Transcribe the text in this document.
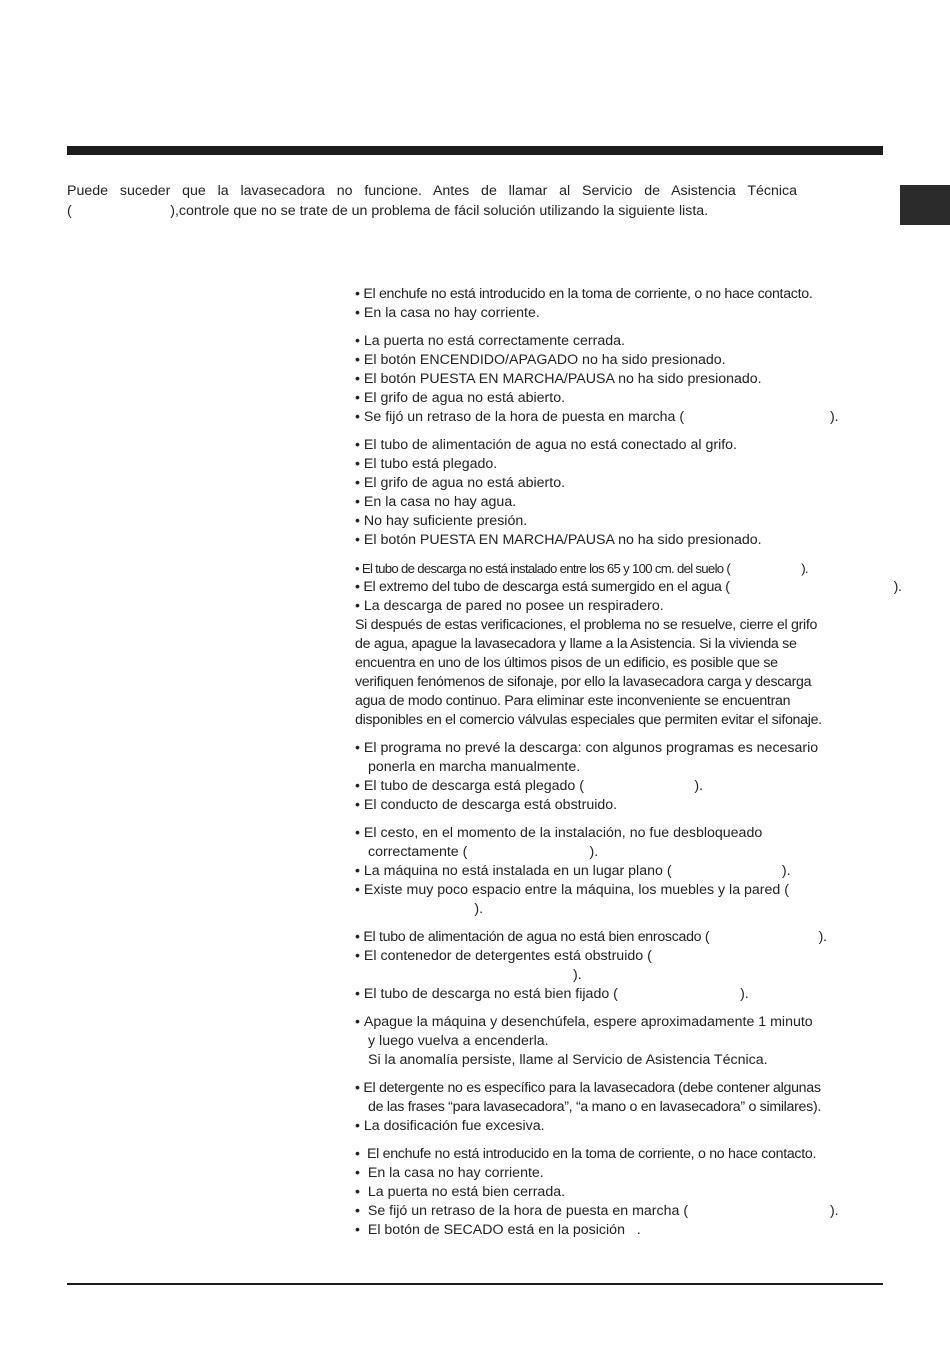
Puede suceder que la lavasecadora no funcione. Antes de llamar al Servicio de Asistencia Técnica

(                         ),controle que no se trate de un problema de fácil solución utilizando la siguiente lista.

• El enchufe no está introducido en la toma de corriente, o no hace contacto.
• En la casa no hay corriente.
• La puerta no está correctamente cerrada.
• El botón ENCENDIDO/APAGADO no ha sido presionado.
• El botón PUESTA EN MARCHA/PAUSA no ha sido presionado.
• El grifo de agua no está abierto.
• Se fijó un retraso de la hora de puesta en marcha (                                     ).
• El tubo de alimentación de agua no está conectado al grifo.
• El tubo está plegado.
• El grifo de agua no está abierto.
• En la casa no hay agua.
• No hay suficiente presión.
• El botón PUESTA EN MARCHA/PAUSA no ha sido presionado.
• El tubo de descarga no está instalado entre los 65 y 100 cm. del suelo (                        ).
• El extremo del tubo de descarga está sumergido en el agua (                                             ).
• La descarga de pared no posee un respiradero.
Si después de estas verificaciones, el problema no se resuelve, cierre el grifo
de agua, apague la lavasecadora y llame a la Asistencia. Si la vivienda se
encuentra en uno de los últimos pisos de un edificio, es posible que se
verifiquen fenómenos de sifonaje, por ello la lavasecadora carga y descarga
agua de modo continuo. Para eliminar este inconveniente se encuentran
disponibles en el comercio válvulas especiales que permiten evitar el sifonaje.
• El programa no prevé la descarga: con algunos programas es necesario
ponerla en marcha manualmente.
• El tubo de descarga está plegado (                            ).
• El conducto de descarga está obstruido.
• El cesto, en el momento de la instalación, no fue desbloqueado
correctamente (                               ).
• La máquina no está instalada en un lugar plano (                            ).
• Existe muy poco espacio entre la máquina, los muebles y la pared (
).
• El tubo de alimentación de agua no está bien enroscado (                              ).
• El contenedor de detergentes está obstruido (
).
• El tubo de descarga no está bien fijado (                               ).
• Apague la máquina y desenchúfela, espere aproximadamente 1 minuto
y luego vuelva a encenderla.
Si la anomalía persiste, llame al Servicio de Asistencia Técnica.
• El detergente no es específico para la lavasecadora (debe contener algunas
de las frases “para lavasecadora”, “a mano o en lavasecadora” o similares).
• La dosificación fue excesiva.
•  El enchufe no está introducido en la toma de corriente, o no hace contacto.
•  En la casa no hay corriente.
•  La puerta no está bien cerrada.
•  Se fijó un retraso de la hora de puesta en marcha (                                    ).
•  El botón de SECADO está en la posición   .
